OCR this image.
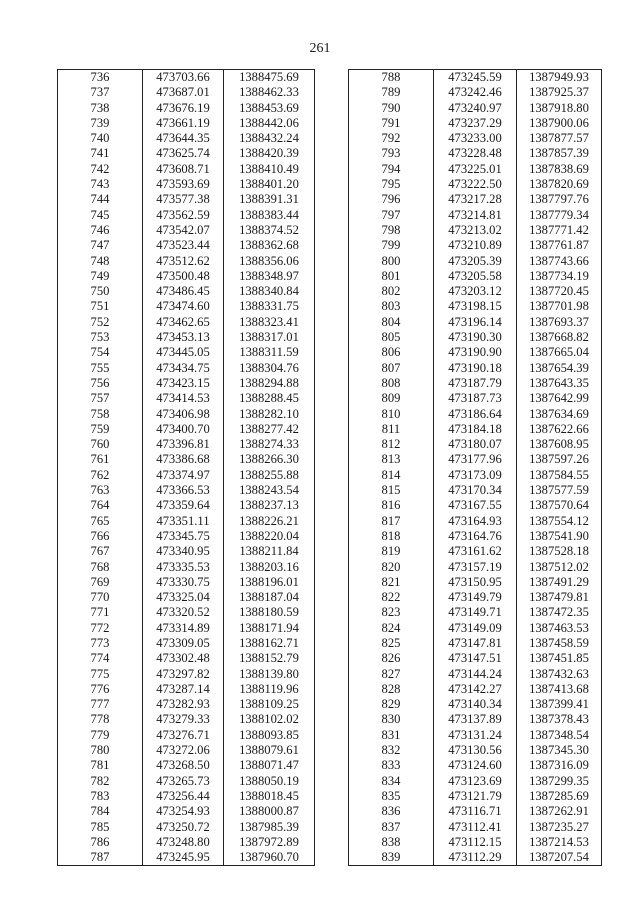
261
736	473703.66	1388475.69
737	473687.01	1388462.33
738	473676.19	1388453.69
739	473661.19	1388442.06
740	473644.35	1388432.24
741	473625.74	1388420.39
742	473608.71	1388410.49
743	473593.69	1388401.20
744	473577.38	1388391.31
745	473562.59	1388383.44
746	473542.07	1388374.52
747	473523.44	1388362.68
748	473512.62	1388356.06
749	473500.48	1388348.97
750	473486.45	1388340.84
751	473474.60	1388331.75
752	473462.65	1388323.41
753	473453.13	1388317.01
754	473445.05	1388311.59
755	473434.75	1388304.76
756	473423.15	1388294.88
757	473414.53	1388288.45
758	473406.98	1388282.10
759	473400.70	1388277.42
760	473396.81	1388274.33
761	473386.68	1388266.30
762	473374.97	1388255.88
763	473366.53	1388243.54
764	473359.64	1388237.13
765	473351.11	1388226.21
766	473345.75	1388220.04
767	473340.95	1388211.84
768	473335.53	1388203.16
769	473330.75	1388196.01
770	473325.04	1388187.04
771	473320.52	1388180.59
772	473314.89	1388171.94
773	473309.05	1388162.71
774	473302.48	1388152.79
775	473297.82	1388139.80
776	473287.14	1388119.96
777	473282.93	1388109.25
778	473279.33	1388102.02
779	473276.71	1388093.85
780	473272.06	1388079.61
781	473268.50	1388071.47
782	473265.73	1388050.19
783	473256.44	1388018.45
784	473254.93	1388000.87
785	473250.72	1387985.39
786	473248.80	1387972.89
787	473245.95	1387960.70
788	473245.59	1387949.93
789	473242.46	1387925.37
790	473240.97	1387918.80
791	473237.29	1387900.06
792	473233.00	1387877.57
793	473228.48	1387857.39
794	473225.01	1387838.69
795	473222.50	1387820.69
796	473217.28	1387797.76
797	473214.81	1387779.34
798	473213.02	1387771.42
799	473210.89	1387761.87
800	473205.39	1387743.66
801	473205.58	1387734.19
802	473203.12	1387720.45
803	473198.15	1387701.98
804	473196.14	1387693.37
805	473190.30	1387668.82
806	473190.90	1387665.04
807	473190.18	1387654.39
808	473187.79	1387643.35
809	473187.73	1387642.99
810	473186.64	1387634.69
811	473184.18	1387622.66
812	473180.07	1387608.95
813	473177.96	1387597.26
814	473173.09	1387584.55
815	473170.34	1387577.59
816	473167.55	1387570.64
817	473164.93	1387554.12
818	473164.76	1387541.90
819	473161.62	1387528.18
820	473157.19	1387512.02
821	473150.95	1387491.29
822	473149.79	1387479.81
823	473149.71	1387472.35
824	473149.09	1387463.53
825	473147.81	1387458.59
826	473147.51	1387451.85
827	473144.24	1387432.63
828	473142.27	1387413.68
829	473140.34	1387399.41
830	473137.89	1387378.43
831	473131.24	1387348.54
832	473130.56	1387345.30
833	473124.60	1387316.09
834	473123.69	1387299.35
835	473121.79	1387285.69
836	473116.71	1387262.91
837	473112.41	1387235.27
838	473112.15	1387214.53
839	473112.29	1387207.54
